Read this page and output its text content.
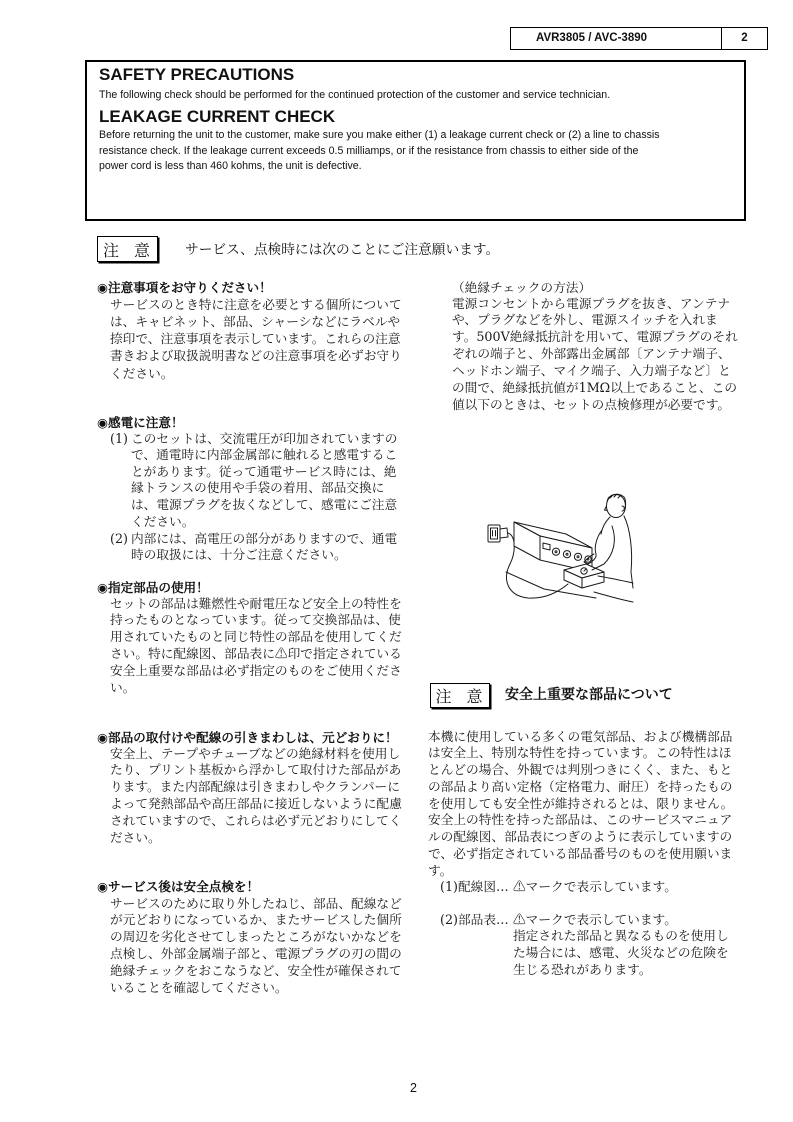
AVR3805 / AVC-3890	2
SAFETY PRECAUTIONS
The following check should be performed for the continued protection of the customer and service technician.
LEAKAGE CURRENT CHECK
Before returning the unit to the customer, make sure you make either (1) a leakage current check or (2) a line to chassis
resistance check. If the leakage current exceeds 0.5 milliamps, or if the resistance from chassis to either side of the
power cord is less than 460 kohms, the unit is defective.
注 意	サービス、点検時には次のことにご注意願います。
◉注意事項をお守りください！
サービスのとき特に注意を必要とする個所について
は、キャビネット、部品、シャーシなどにラベルや
捺印で、注意事項を表示しています。これらの注意
書きおよび取扱説明書などの注意事項を必ずお守り
ください。
◉感電に注意！
(1) このセットは、交流電圧が印加されていますの
で、通電時に内部金属部に触れると感電するこ
とがあります。従って通電サービス時には、絶
縁トランスの使用や手袋の着用、部品交換に
は、電源プラグを抜くなどして、感電にご注意
ください。
(2) 内部には、高電圧の部分がありますので、通電
時の取扱には、十分ご注意ください。
◉指定部品の使用！
セットの部品は難燃性や耐電圧など安全上の特性を
持ったものとなっています。従って交換部品は、使
用されていたものと同じ特性の部品を使用してくだ
さい。特に配線図、部品表に⚠印で指定されている
安全上重要な部品は必ず指定のものをご使用くださ
い。
◉部品の取付けや配線の引きまわしは、元どおりに！
安全上、テープやチューブなどの絶縁材料を使用し
たり、プリント基板から浮かして取付けた部品があ
ります。また内部配線は引きまわしやクランパーに
よって発熱部品や高圧部品に接近しないように配慮
されていますので、これらは必ず元どおりにしてく
ださい。
◉サービス後は安全点検を！
サービスのために取り外したねじ、部品、配線など
が元どおりになっているか、またサービスした個所
の周辺を劣化させてしまったところがないかなどを
点検し、外部金属端子部と、電源プラグの刃の間の
絶縁チェックをおこなうなど、安全性が確保されて
いることを確認してください。
（絶縁チェックの方法）
電源コンセントから電源プラグを抜き、アンテナ
や、プラグなどを外し、電源スイッチを入れま
す。500V絶縁抵抗計を用いて、電源プラグのそれ
ぞれの端子と、外部露出金属部〔アンテナ端子、
ヘッドホン端子、マイク端子、入力端子など〕と
の間で、絶縁抵抗値が1MΩ以上であること、この
値以下のときは、セットの点検修理が必要です。
注 意	安全上重要な部品について
本機に使用している多くの電気部品、および機構部品
は安全上、特別な特性を持っています。この特性はほ
とんどの場合、外観では判別つきにくく、また、もと
の部品より高い定格（定格電力、耐圧）を持ったもの
を使用しても安全性が維持されるとは、限りません。
安全上の特性を持った部品は、このサービスマニュア
ルの配線図、部品表につぎのように表示していますの
で、必ず指定されている部品番号のものを使用願いま
す。
(1)配線図… ⚠マークで表示しています。
(2)部品表… ⚠マークで表示しています。
指定された部品と異なるものを使用し
た場合には、感電、火災などの危険を
生じる恐れがあります。
2
